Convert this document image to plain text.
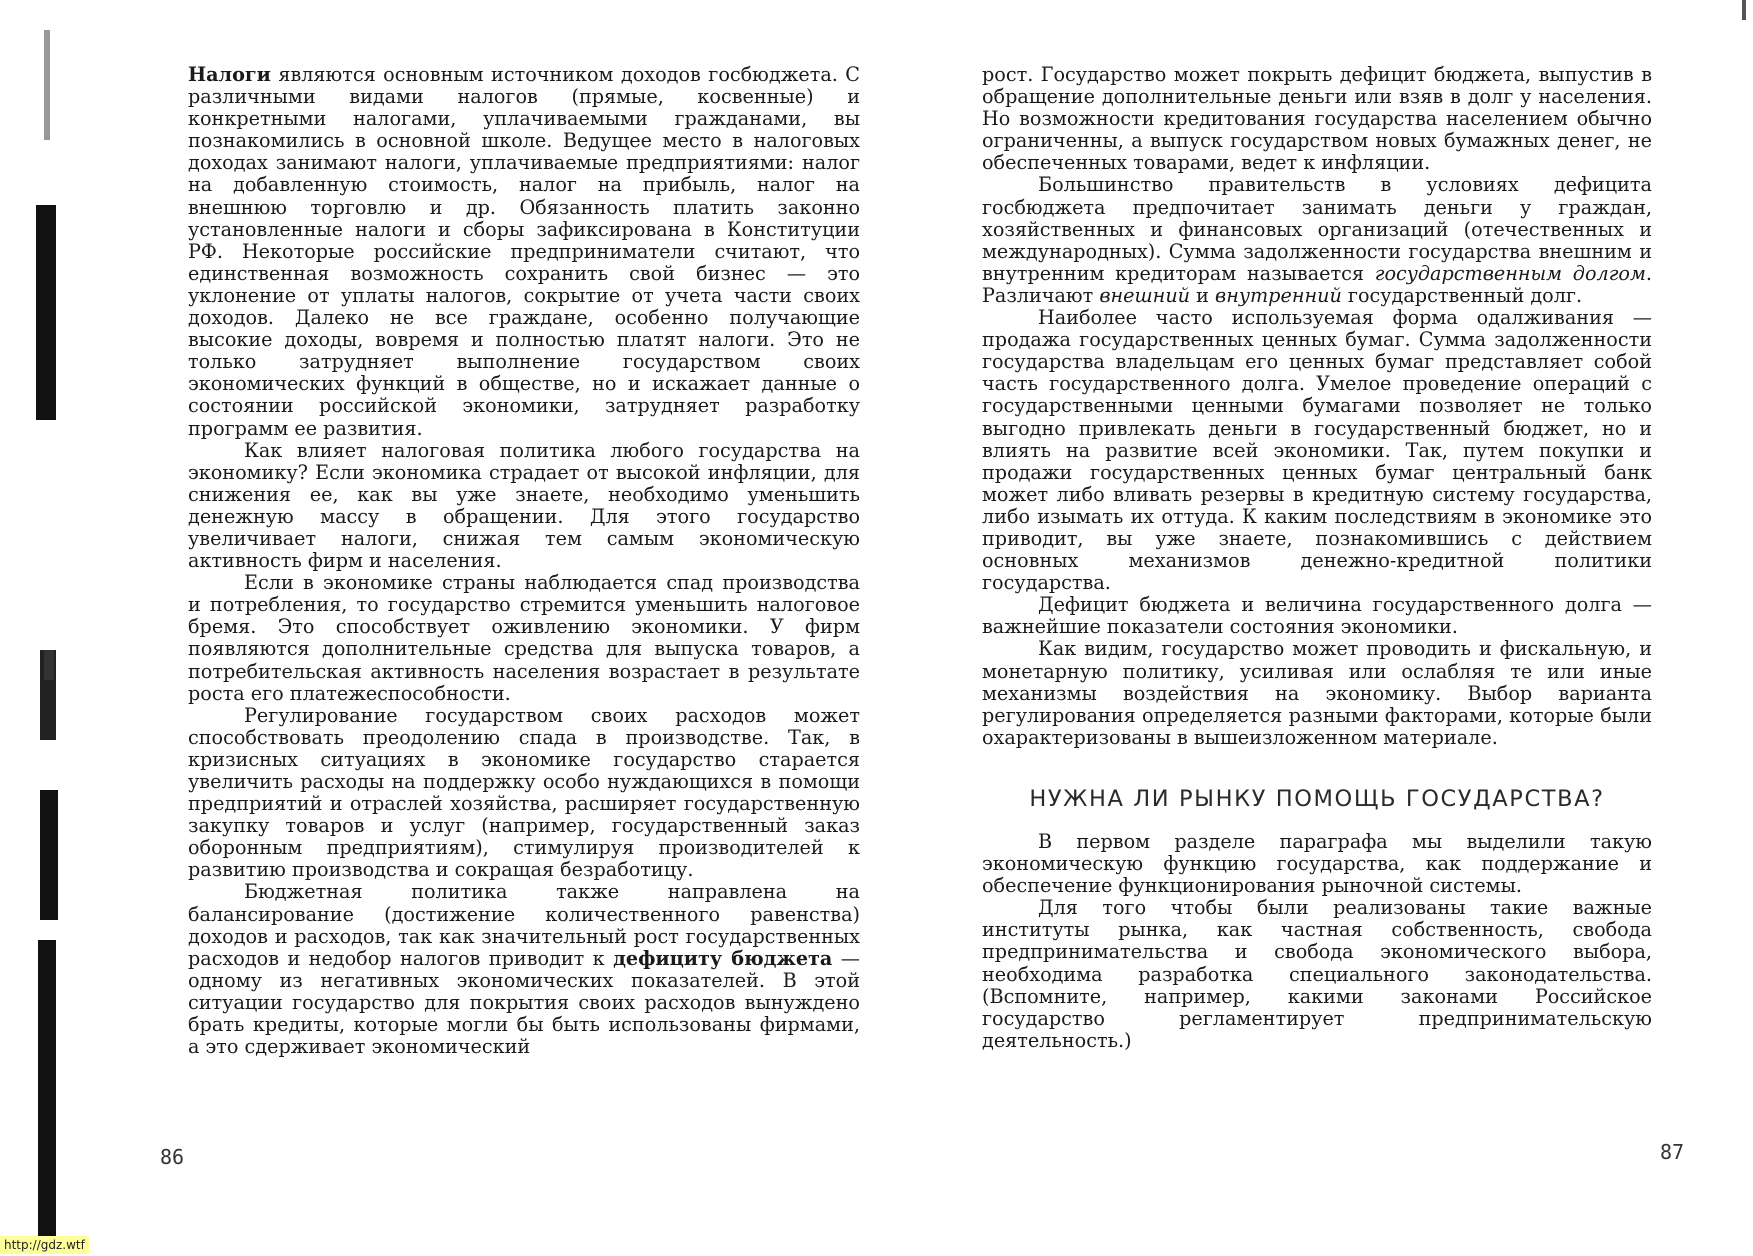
Налоги являются основным источником доходов госбюджета. С различными видами налогов (прямые, косвенные) и конкретными налогами, уплачиваемыми гражданами, вы познакомились в основной школе. Ведущее место в налоговых доходах занимают налоги, уплачиваемые предприятиями: налог на добавленную стоимость, налог на прибыль, налог на внешнюю торговлю и др. Обязанность платить законно установленные налоги и сборы зафиксирована в Конституции РФ. Некоторые российские предприниматели считают, что единственная возможность сохранить свой бизнес — это уклонение от уплаты налогов, сокрытие от учета части своих доходов. Далеко не все граждане, особенно получающие высокие доходы, вовремя и полностью платят налоги. Это не только затрудняет выполнение государством своих экономических функций в обществе, но и искажает данные о состоянии российской экономики, затрудняет разработку программ ее развития.

Как влияет налоговая политика любого государства на экономику? Если экономика страдает от высокой инфляции, для снижения ее, как вы уже знаете, необходимо уменьшить денежную массу в обращении. Для этого государство увеличивает налоги, снижая тем самым экономическую активность фирм и населения.

Если в экономике страны наблюдается спад производства и потребления, то государство стремится уменьшить налоговое бремя. Это способствует оживлению экономики. У фирм появляются дополнительные средства для выпуска товаров, а потребительская активность населения возрастает в результате роста его платежеспособности.

Регулирование государством своих расходов может способствовать преодолению спада в производстве. Так, в кризисных ситуациях в экономике государство старается увеличить расходы на поддержку особо нуждающихся в помощи предприятий и отраслей хозяйства, расширяет государственную закупку товаров и услуг (например, государственный заказ оборонным предприятиям), стимулируя производителей к развитию производства и сокращая безработицу.

Бюджетная политика также направлена на балансирование (достижение количественного равенства) доходов и расходов, так как значительный рост государственных расходов и недобор налогов приводит к дефициту бюджета — одному из негативных экономических показателей. В этой ситуации государство для покрытия своих расходов вынуждено брать кредиты, которые могли бы быть использованы фирмами, а это сдерживает экономический

86

рост. Государство может покрыть дефицит бюджета, выпустив в обращение дополнительные деньги или взяв в долг у населения. Но возможности кредитования государства населением обычно ограниченны, а выпуск государством новых бумажных денег, не обеспеченных товарами, ведет к инфляции.

Большинство правительств в условиях дефицита госбюджета предпочитает занимать деньги у граждан, хозяйственных и финансовых организаций (отечественных и международных). Сумма задолженности государства внешним и внутренним кредиторам называется государственным долгом. Различают внешний и внутренний государственный долг.

Наиболее часто используемая форма одалживания — продажа государственных ценных бумаг. Сумма задолженности государства владельцам его ценных бумаг представляет собой часть государственного долга. Умелое проведение операций с государственными ценными бумагами позволяет не только выгодно привлекать деньги в государственный бюджет, но и влиять на развитие всей экономики. Так, путем покупки и продажи государственных ценных бумаг центральный банк может либо вливать резервы в кредитную систему государства, либо изымать их оттуда. К каким последствиям в экономике это приводит, вы уже знаете, познакомившись с действием основных механизмов денежно-кредитной политики государства.

Дефицит бюджета и величина государственного долга — важнейшие показатели состояния экономики.

Как видим, государство может проводить и фискальную, и монетарную политику, усиливая или ослабляя те или иные механизмы воздействия на экономику. Выбор варианта регулирования определяется разными факторами, которые были охарактеризованы в вышеизложенном материале.

НУЖНА ЛИ РЫНКУ ПОМОЩЬ ГОСУДАРСТВА?

В первом разделе параграфа мы выделили такую экономическую функцию государства, как поддержание и обеспечение функционирования рыночной системы.

Для того чтобы были реализованы такие важные институты рынка, как частная собственность, свобода предпринимательства и свобода экономического выбора, необходима разработка специального законодательства. (Вспомните, например, какими законами Российское государство регламентирует предпринимательскую деятельность.)

87
http://gdz.wtf
